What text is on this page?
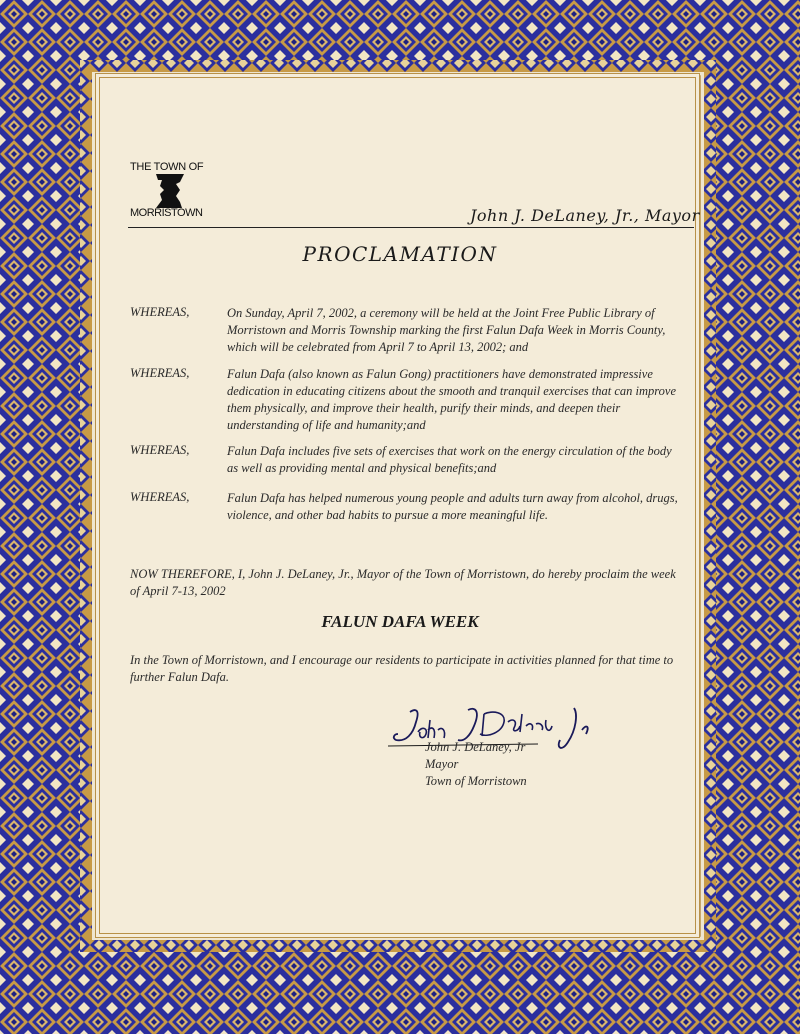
THE TOWN OF
MORRISTOWN	John J. DeLaney, Jr., Mayor
PROCLAMATION
WHEREAS,	On Sunday, April 7, 2002, a ceremony will be held at the Joint Free Public Library of Morristown and Morris Township marking the first Falun Dafa Week in Morris County, which will be celebrated from April 7 to April 13, 2002; and
WHEREAS,	Falun Dafa (also known as Falun Gong) practitioners have demonstrated impressive dedication in educating citizens about the smooth and tranquil exercises that can improve them physically, and improve their health, purify their minds, and deepen their understanding of life and humanity;and
WHEREAS,	Falun Dafa includes five sets of exercises that work on the energy circulation of the body as well as providing mental and physical benefits;and
WHEREAS,	Falun Dafa has helped numerous young people and adults turn away from alcohol, drugs, violence, and other bad habits to pursue a more meaningful life.
NOW THEREFORE, I, John J. DeLaney, Jr., Mayor of the Town of Morristown, do hereby proclaim the week of April 7-13, 2002
FALUN DAFA WEEK
In the Town of Morristown, and I encourage our residents to participate in activities planned for that time to further Falun Dafa.
John J DeLaney Jr
John J. DeLaney, Jr
Mayor
Town of Morristown
